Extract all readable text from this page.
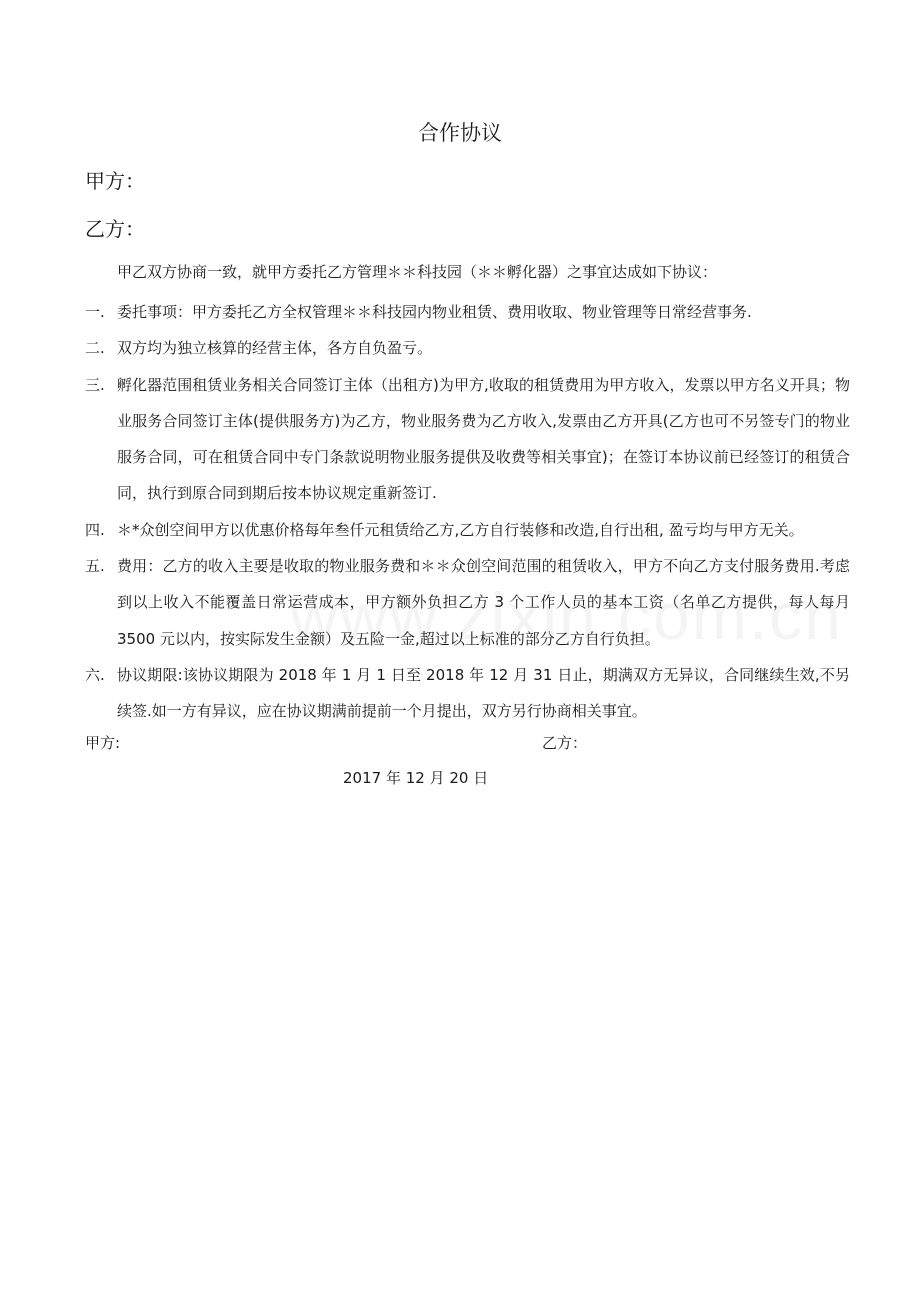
合作协议
甲方：
乙方：
甲乙双方协商一致，就甲方委托乙方管理＊＊科技园（＊＊孵化器）之事宜达成如下协议：
一. 委托事项：甲方委托乙方全权管理＊＊科技园内物业租赁、费用收取、物业管理等日常经营事务.
二. 双方均为独立核算的经营主体，各方自负盈亏。
三. 孵化器范围租赁业务相关合同签订主体（出租方)为甲方,收取的租赁费用为甲方收入，发票以甲方名义开具；物业服务合同签订主体(提供服务方)为乙方，物业服务费为乙方收入,发票由乙方开具(乙方也可不另签专门的物业服务合同，可在租赁合同中专门条款说明物业服务提供及收费等相关事宜)；在签订本协议前已经签订的租赁合同，执行到原合同到期后按本协议规定重新签订.
四. ＊*众创空间甲方以优惠价格每年叁仟元租赁给乙方,乙方自行装修和改造,自行出租, 盈亏均与甲方无关。
五. 费用：乙方的收入主要是收取的物业服务费和＊＊众创空间范围的租赁收入，甲方不向乙方支付服务费用.考虑到以上收入不能覆盖日常运营成本，甲方额外负担乙方 3 个工作人员的基本工资（名单乙方提供，每人每月 3500 元以内，按实际发生金额）及五险一金,超过以上标准的部分乙方自行负担。
六. 协议期限:该协议期限为 2018 年 1 月 1 日至 2018 年 12 月 31 日止，期满双方无异议，合同继续生效,不另续签.如一方有异议，应在协议期满前提前一个月提出，双方另行协商相关事宜。
甲方:	乙方：
2017 年 12 月 20 日
